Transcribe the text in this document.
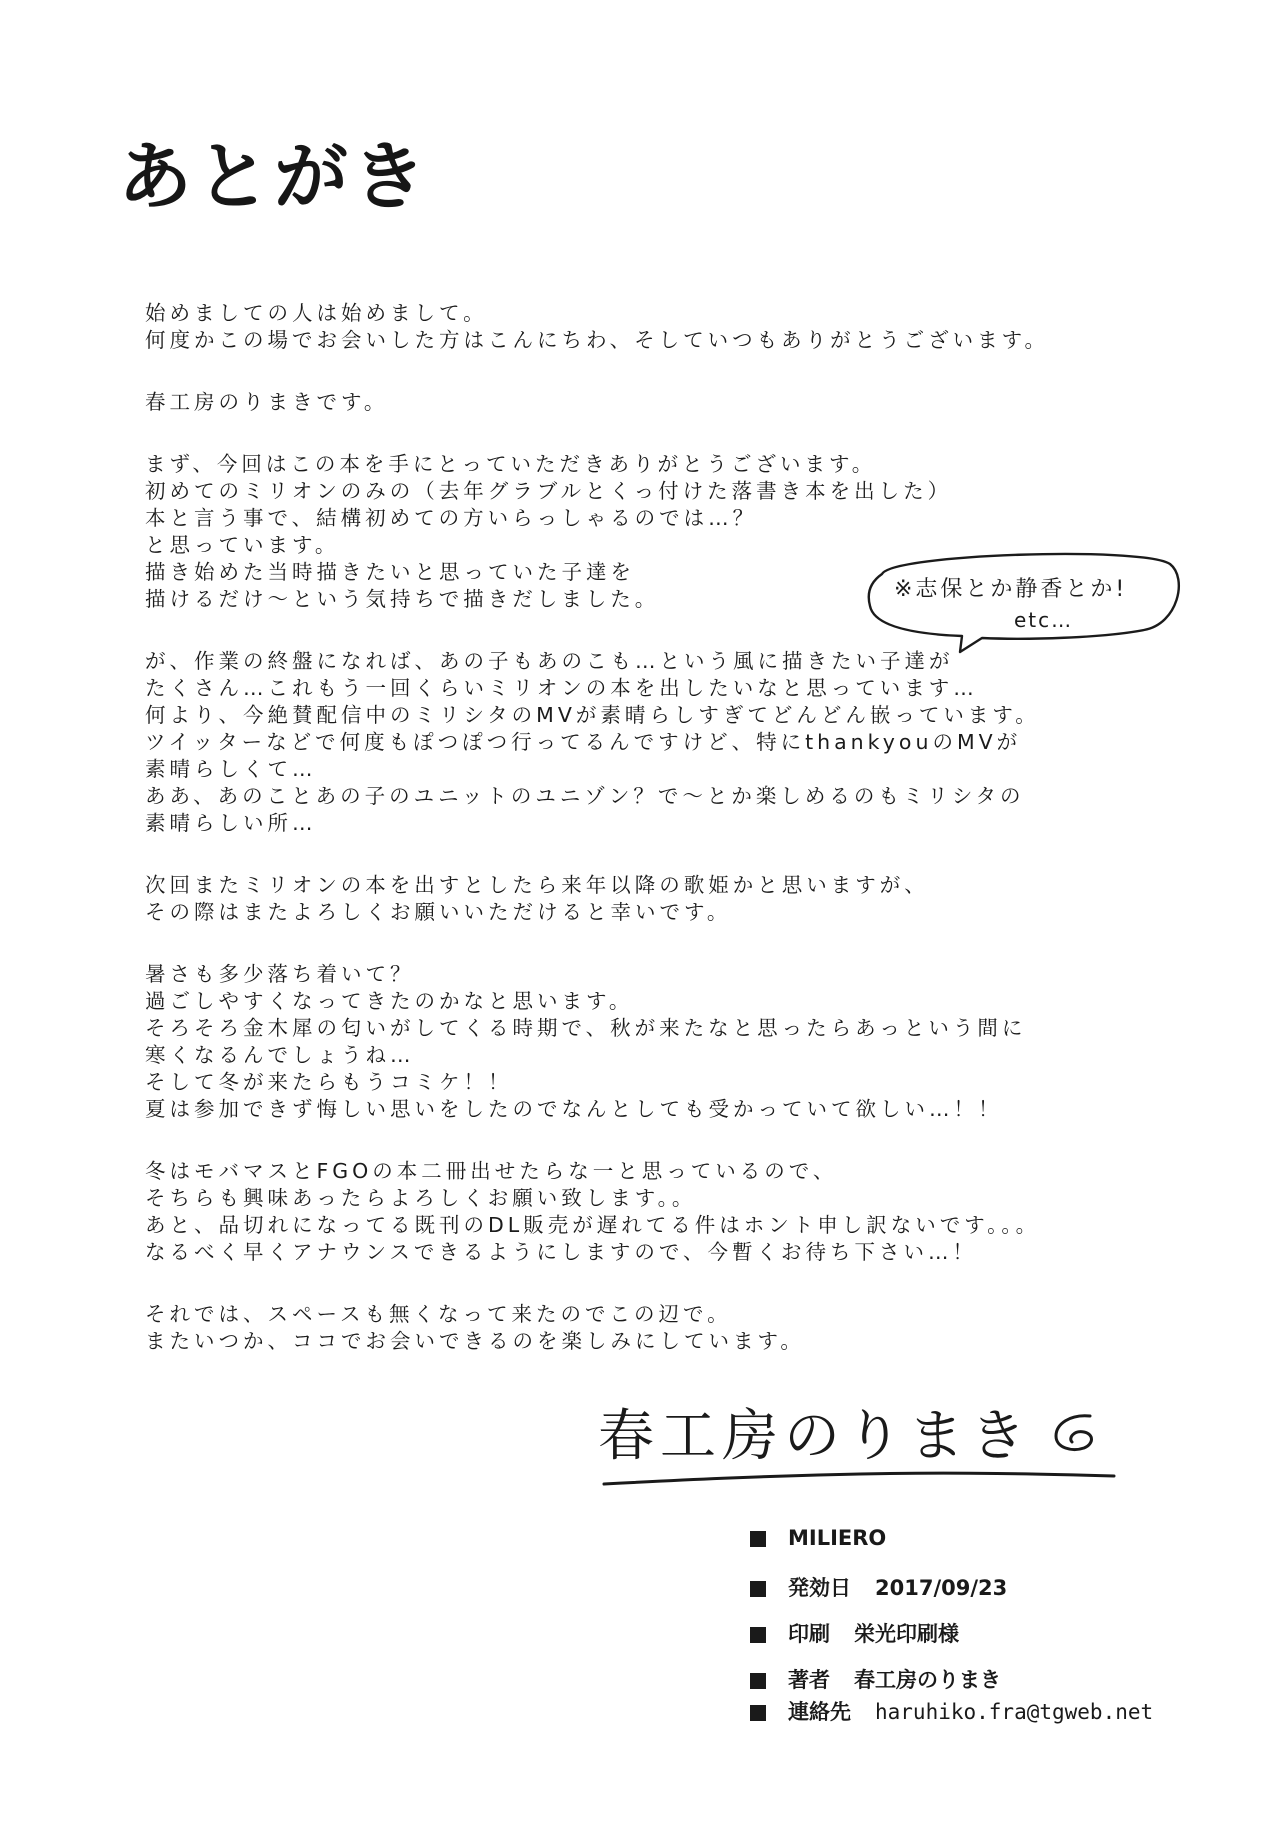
あとがき
始めましての人は始めまして。
何度かこの場でお会いした方はこんにちわ、そしていつもありがとうございます。
春工房のりまきです。
まず、今回はこの本を手にとっていただきありがとうございます。
初めてのミリオンのみの（去年グラブルとくっ付けた落書き本を出した）
本と言う事で、結構初めての方いらっしゃるのでは…？
と思っています。
描き始めた当時描きたいと思っていた子達を
描けるだけ～という気持ちで描きだしました。
が、作業の終盤になれば、あの子もあのこも…という風に描きたい子達が
たくさん…これもう一回くらいミリオンの本を出したいなと思っています…
何より、今絶賛配信中のミリシタのMVが素晴らしすぎてどんどん嵌っています。
ツイッターなどで何度もぽつぽつ行ってるんですけど、特にthankyouのMVが
素晴らしくて…
ああ、あのことあの子のユニットのユニゾン？で～とか楽しめるのもミリシタの
素晴らしい所…
次回またミリオンの本を出すとしたら来年以降の歌姫かと思いますが、
その際はまたよろしくお願いいただけると幸いです。
暑さも多少落ち着いて？
過ごしやすくなってきたのかなと思います。
そろそろ金木犀の匂いがしてくる時期で、秋が来たなと思ったらあっという間に
寒くなるんでしょうね…
そして冬が来たらもうコミケ！！
夏は参加できず悔しい思いをしたのでなんとしても受かっていて欲しい…！！
冬はモバマスとFGOの本二冊出せたらな一と思っているので、
そちらも興味あったらよろしくお願い致します。。
あと、品切れになってる既刊のDL販売が遅れてる件はホント申し訳ないです。。。
なるべく早くアナウンスできるようにしますので、今暫くお待ち下さい…！
それでは、スペースも無くなって来たのでこの辺で。
またいつか、ココでお会いできるのを楽しみにしています。
※志保とか静香とか!
etc…
春工房のりまき
MILIERO
発効日 2017/09/23
印刷 栄光印刷様
著者 春工房のりまき
連絡先 haruhiko.fra@tgweb.net
